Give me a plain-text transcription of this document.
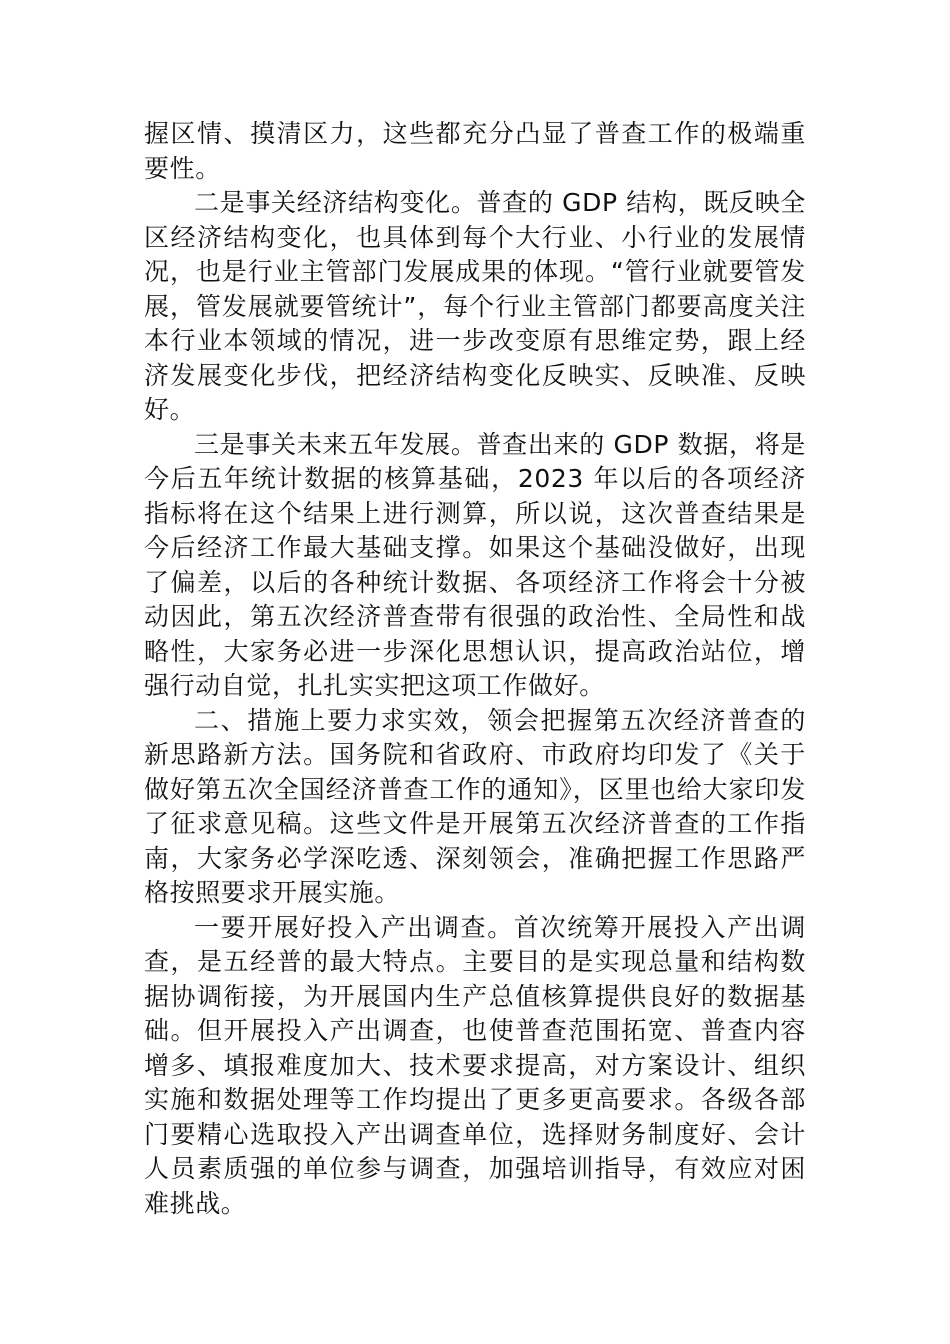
握区情、摸清区力，这些都充分凸显了普查工作的极端重要性。

二是事关经济结构变化。普查的 GDP 结构，既反映全区经济结构变化，也具体到每个大行业、小行业的发展情况，也是行业主管部门发展成果的体现。“管行业就要管发展，管发展就要管统计”，每个行业主管部门都要高度关注本行业本领域的情况，进一步改变原有思维定势，跟上经济发展变化步伐，把经济结构变化反映实、反映准、反映好。

三是事关未来五年发展。普查出来的 GDP 数据，将是今后五年统计数据的核算基础，2023 年以后的各项经济指标将在这个结果上进行测算，所以说，这次普查结果是今后经济工作最大基础支撑。如果这个基础没做好，出现了偏差，以后的各种统计数据、各项经济工作将会十分被动因此，第五次经济普查带有很强的政治性、全局性和战略性，大家务必进一步深化思想认识，提高政治站位，增强行动自觉，扎扎实实把这项工作做好。

二、措施上要力求实效，领会把握第五次经济普查的新思路新方法。国务院和省政府、市政府均印发了《关于做好第五次全国经济普查工作的通知》，区里也给大家印发了征求意见稿。这些文件是开展第五次经济普查的工作指南，大家务必学深吃透、深刻领会，准确把握工作思路严格按照要求开展实施。

一要开展好投入产出调查。首次统筹开展投入产出调查，是五经普的最大特点。主要目的是实现总量和结构数据协调衔接，为开展国内生产总值核算提供良好的数据基础。但开展投入产出调查，也使普查范围拓宽、普查内容增多、填报难度加大、技术要求提高，对方案设计、组织实施和数据处理等工作均提出了更多更高要求。各级各部门要精心选取投入产出调查单位，选择财务制度好、会计人员素质强的单位参与调查，加强培训指导，有效应对困难挑战。
